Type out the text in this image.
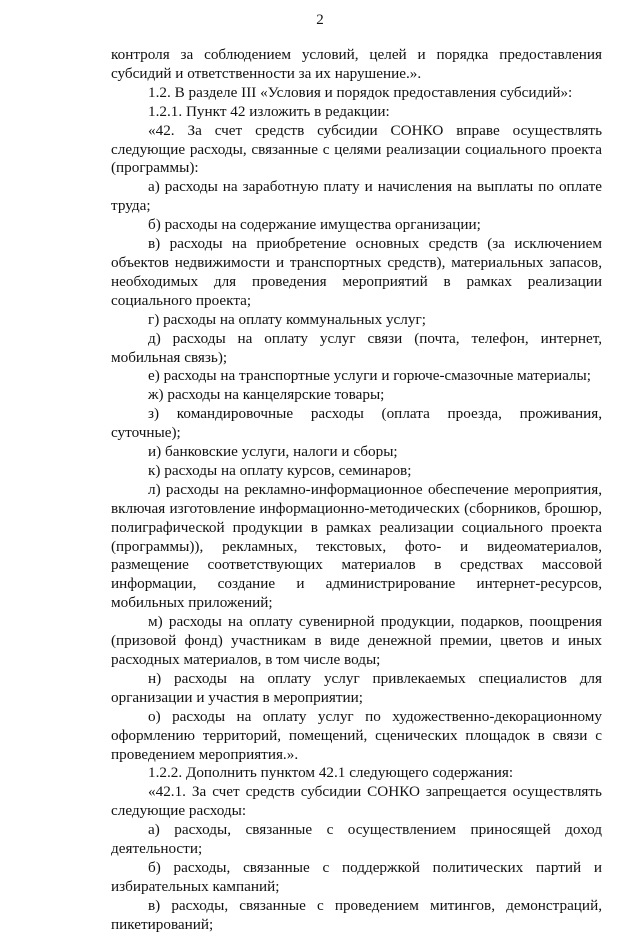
2

контроля за соблюдением условий, целей и порядка предоставления субсидий и ответственности за их нарушение.».

1.2. В разделе III «Условия и порядок предоставления субсидий»:

1.2.1. Пункт 42 изложить в редакции:

«42. За счет средств субсидии СОНКО вправе осуществлять следующие расходы, связанные с целями реализации социального проекта (программы):

а) расходы на заработную плату и начисления на выплаты по оплате труда;

б) расходы на содержание имущества организации;

в) расходы на приобретение основных средств (за исключением объектов недвижимости и транспортных средств), материальных запасов, необходимых для проведения мероприятий в рамках реализации социального проекта;

г) расходы на оплату коммунальных услуг;

д) расходы на оплату услуг связи (почта, телефон, интернет, мобильная связь);

е) расходы на транспортные услуги и горюче-смазочные материалы;

ж) расходы на канцелярские товары;

з) командировочные расходы (оплата проезда, проживания, суточные);

и) банковские услуги, налоги и сборы;

к) расходы на оплату курсов, семинаров;

л) расходы на рекламно-информационное обеспечение мероприятия, включая изготовление информационно-методических (сборников, брошюр, полиграфической продукции в рамках реализации социального проекта (программы)), рекламных, текстовых, фото- и видеоматериалов, размещение соответствующих материалов в средствах массовой информации, создание и администрирование интернет-ресурсов, мобильных приложений;

м) расходы на оплату сувенирной продукции, подарков, поощрения (призовой фонд) участникам в виде денежной премии, цветов и иных расходных материалов, в том числе воды;

н) расходы на оплату услуг привлекаемых специалистов для организации и участия в мероприятии;

о) расходы на оплату услуг по художественно-декорационному оформлению территорий, помещений, сценических площадок в связи с проведением мероприятия.».

1.2.2. Дополнить пунктом 42.1 следующего содержания:

«42.1. За счет средств субсидии СОНКО запрещается осуществлять следующие расходы:

а) расходы, связанные с осуществлением приносящей доход деятельности;

б) расходы, связанные с поддержкой политических партий и избирательных кампаний;

в) расходы, связанные с проведением митингов, демонстраций, пикетирований;
